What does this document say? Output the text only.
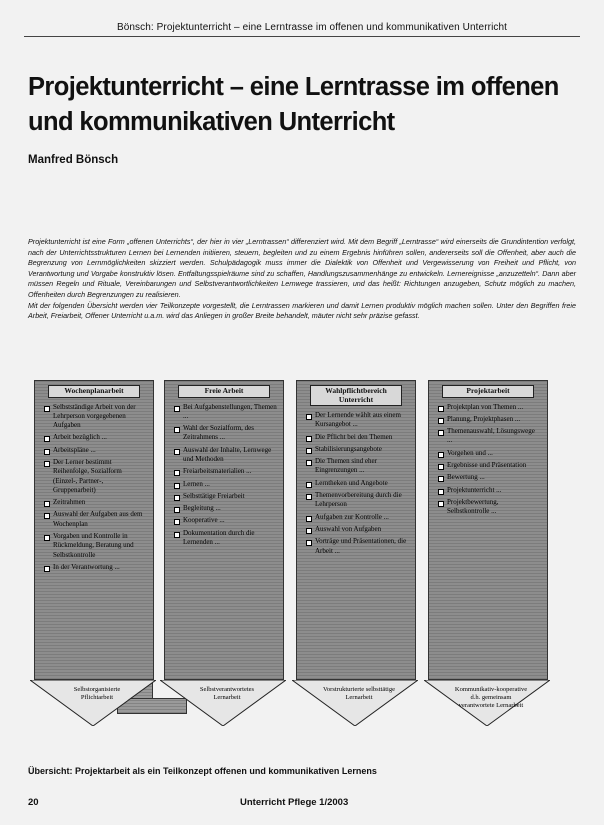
Bönsch: Projektunterricht – eine Lerntrasse im offenen und kommunikativen Unterricht
Projektunterricht – eine Lerntrasse im offenen und kommunikativen Unterricht
Manfred Bönsch

Projektunterricht ist eine Form „offenen Unterrichts“, der hier in vier „Lerntrassen“ differenziert wird. Mit dem Begriff „Lerntrasse“ wird einerseits die Grundintention verfolgt, nach der Unterrichtsstrukturen Lernen bei Lernenden initiieren, steuern, begleiten und zu einem Ergebnis hinführen sollen, andererseits soll die Offenheit, aber auch die Begrenzung von Lernmöglichkeiten skizziert werden. Schulpädagogik muss immer die Dialektik von Offenheit und Vergewisserung von Freiheit und Pflicht, von Verantwortung und Vorgabe konstruktiv lösen. Entfaltungsspielräume sind zu schaffen, Handlungszusammenhänge zu entwickeln. Lernereignisse „anzuzetteln“. Dann aber müssen Regeln und Rituale, Vereinbarungen und Selbstverantwortlichkeiten Lernwege trassieren, und das heißt: Richtungen anzugeben, Schutz möglich zu machen, Offenheiten durch Begrenzungen zu realisieren.

Mit der folgenden Übersicht werden vier Teilkonzepte vorgestellt, die Lerntrassen markieren und damit Lernen produktiv möglich machen sollen. Unter den Begriffen freie Arbeit, Freiarbeit, Offener Unterricht u.a.m. wird das Anliegen in großer Breite behandelt, mäuter nicht sehr präzise gefasst.

Wochenplanarbeit
Selbstständige Arbeit von der Lehrperson vorgegebenen Aufgaben
Arbeit bezüglich ...
Arbeitspläne ...
Der Lerner bestimmt Reihenfolge, Sozialform (Einzel-, Partner-, Gruppenarbeit)
Zeitrahmen
Auswahl der Aufgaben aus dem Wochenplan
Vorgaben und Kontrolle in Rückmeldung, Beratung und Selbstkontrolle
In der Verantwortung ...
Selbstorganisierte Pflichtarbeit
Freie Arbeit
Bei Aufgabenstellungen, Themen ...
Wahl der Sozialform, des Zeitrahmens ...
Auswahl der Inhalte, Lernwege und Methoden
Freiarbeitsmaterialien ...
Lernen ...
Selbsttätige Freiarbeit
Begleitung ...
Kooperative ...
Dokumentation durch die Lernenden ...
Selbstverantwortetes Lernarbeit
Wahlpflichtbereich Unterricht
Der Lernende wählt aus einem Kursangebot ...
Die Pflicht bei den Themen
Stabilisierungsangebote
Die Themen sind eher Eingrenzungen ...
Lerntheken und Angebote
Themenvorbereitung durch die Lehrperson
Aufgaben zur Kontrolle ...
Auswahl von Aufgaben
Vorträge und Präsentationen, die Arbeit ...
Vorstrukturierte selbsttätige Lernarbeit
Projektarbeit
Projektplan von Themen ...
Planung, Projektphasen ...
Themenauswahl, Lösungswege ...
Vorgehen und ...
Ergebnisse und Präsentation
Bewertung ...
Projektunterricht ...
Projektbewertung, Selbstkontrolle ...
Kommunikativ-kooperative d.h. gemeinsam verantwortete Lernarbeit
Übersicht: Projektarbeit als ein Teilkonzept offenen und kommunikativen Lernens
20	Unterricht Pflege 1/2003
